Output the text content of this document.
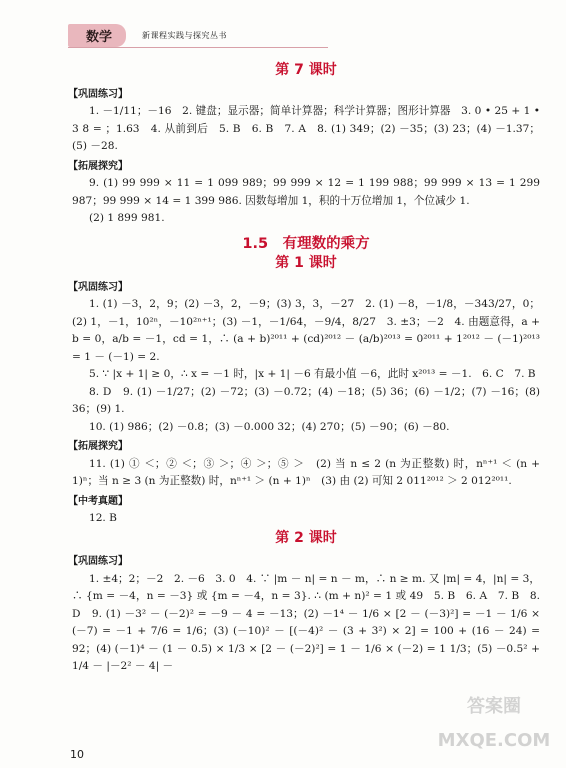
数学	新课程实践与探究丛书
第 7 课时
【巩固练习】

1. －1/11；－16　2. 键盘；显示器；简单计算器；科学计算器；图形计算器　3. 0 • 25 + 1 • 3 8 = ；1.63　4. 从前到后　5. B　6. B　7. A　8. (1) 349；(2) －35；(3) 23；(4) －1.37；(5) －28.

【拓展探究】

9. (1) 99 999 × 11 = 1 099 989；99 999 × 12 = 1 199 988；99 999 × 13 = 1 299 987；99 999 × 14 = 1 399 986. 因数每增加 1，积的十万位增加 1，个位减少 1.

(2) 1 899 981.

1.5　有理数的乘方
第 1 课时
【巩固练习】

1. (1) －3，2，9；(2) －3，2，－9；(3) 3，3，－27　2. (1) －8，－1/8，－343/27，0；(2) 1，－1，10²ⁿ，－10²ⁿ⁺¹；(3) －1，－1/64，－9/4，8/27　3. ±3；－2　4. 由题意得，a + b = 0，a/b = －1，cd = 1，∴ (a + b)²⁰¹¹ + (cd)²⁰¹² － (a/b)²⁰¹³ = 0²⁰¹¹ + 1²⁰¹² － (－1)²⁰¹³ = 1 － (－1) = 2.

5. ∵ |x + 1| ≥ 0，∴ x = －1 时，|x + 1| －6 有最小值 －6，此时 x²⁰¹³ = －1.　6. C　7. B

8. D　9. (1) －1/27；(2) －72；(3) －0.72；(4) －18；(5) 36；(6) －1/2；(7) －16；(8) 36；(9) 1.

10. (1) 986；(2) －0.8；(3) －0.000 32；(4) 270；(5) －90；(6) －80.

【拓展探究】

11. (1) ① ＜；② ＜；③ ＞；④ ＞；⑤ ＞　(2) 当 n ≤ 2 (n 为正整数) 时，nⁿ⁺¹ ＜ (n + 1)ⁿ；当 n ≥ 3 (n 为正整数) 时，nⁿ⁺¹ ＞ (n + 1)ⁿ　(3) 由 (2) 可知 2 011²⁰¹² ＞ 2 012²⁰¹¹.

【中考真题】

12. B

第 2 课时
【巩固练习】

1. ±4；2；－2　2. －6　3. 0　4. ∵ |m － n| = n － m，∴ n ≥ m. 又 |m| = 4，|n| = 3，∴ {m = －4，n = －3} 或 {m = －4，n = 3}. ∴ (m + n)² = 1 或 49　5. B　6. A　7. B　8. D　9. (1) －3² － (－2)² = －9 － 4 = －13；(2) －1⁴ － 1/6 × [2 － (－3)²] = －1 － 1/6 × (－7) = －1 + 7/6 = 1/6；(3) (－10)² － [(－4)² － (3 + 3²) × 2] = 100 + (16 － 24) = 92；(4) (－1)⁴ － (1 － 0.5) × 1/3 × [2 － (－2)²] = 1 － 1/6 × (－2) = 1 1/3；(5) －0.5² + 1/4 － |－2² － 4| －

10
答案圈
MXQE.COM
